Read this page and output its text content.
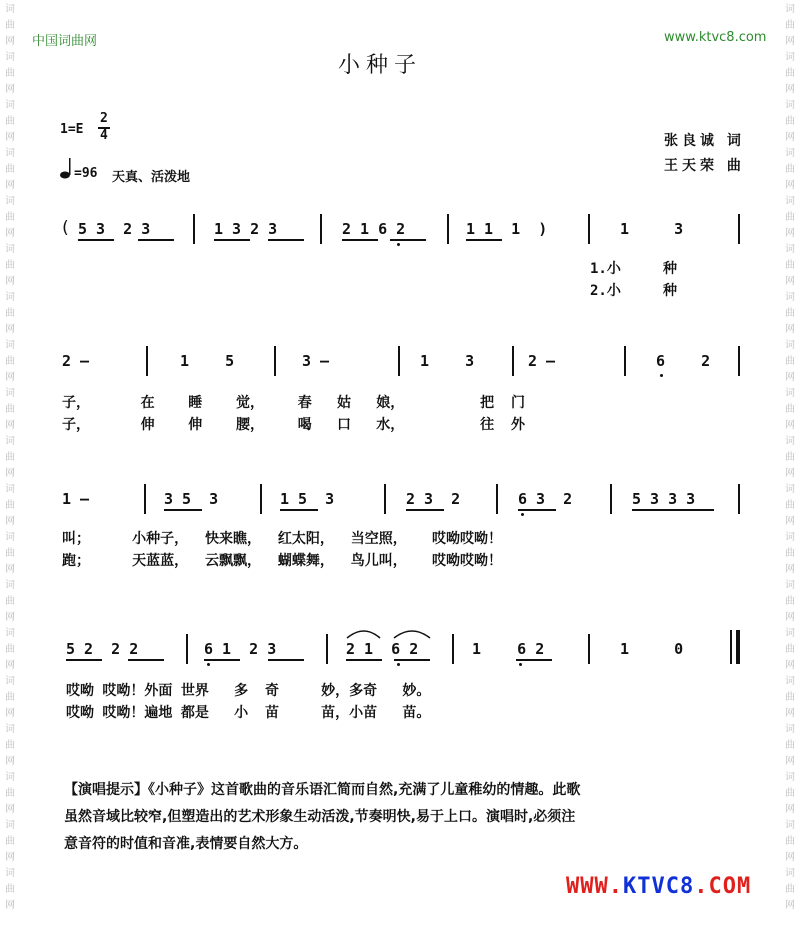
词
曲
网
词
曲
网
词
曲
网
词
曲
网
词
曲
网
词
曲
网
词
曲
网
词
曲
网
词
曲
网
词
曲
网
词
曲
网
词
曲
网
词
曲
网
词
曲
网
词
曲
网
词
曲
网
词
曲
网
词
曲
网
词
曲
网
词
曲
网
词
曲
网
词
曲
网
词
曲
网
词
曲
网
词
曲
网
词
曲
网
词
曲
网
词
曲
网
词
曲
网
词
曲
网
词
曲
网
词
曲
网
词
曲
网
词
曲
网
词
曲
网
词
曲
网
词
曲
网
词
曲
网
中国词曲网	www.ktvc8.com
小种子
1=E
2
4
=96 天真、活泼地
张良诚 词
王天荣 曲
( 5 3  2 3	1 3 2 3	2 1 6 2	1 1  1  )	1     3
1.小     种
2.小     种
2 —	1    5	3 —	1    3	2 —	6    2
子，      在    睡    觉，    春   姑   娘，         把  门
子，      伸    伸    腰，    喝   口   水，         往  外
1 —	3 5  3	1 5  3	2 3  2	6 3  2	5 3 3 3
叫；     小种子，  快来瞧，  红太阳，  当空照，   哎呦哎呦！
跑；     天蓝蓝，  云飘飘，  蝴蝶舞，  鸟儿叫，   哎呦哎呦！
5 2  2 2	6 1  2 3	2 1  6 2	1    6 2	1     0
哎呦 哎呦！外面 世界   多  奇     妙，多奇   妙。
哎呦 哎呦！遍地 都是   小  苗     苗，小苗   苗。
【演唱提示】《小种子》这首歌曲的音乐语汇简而自然,充满了儿童稚幼的情趣。此歌
虽然音域比较窄,但塑造出的艺术形象生动活泼,节奏明快,易于上口。演唱时,必须注
意音符的时值和音准,表情要自然大方。
WWW.KTVC8.COM
